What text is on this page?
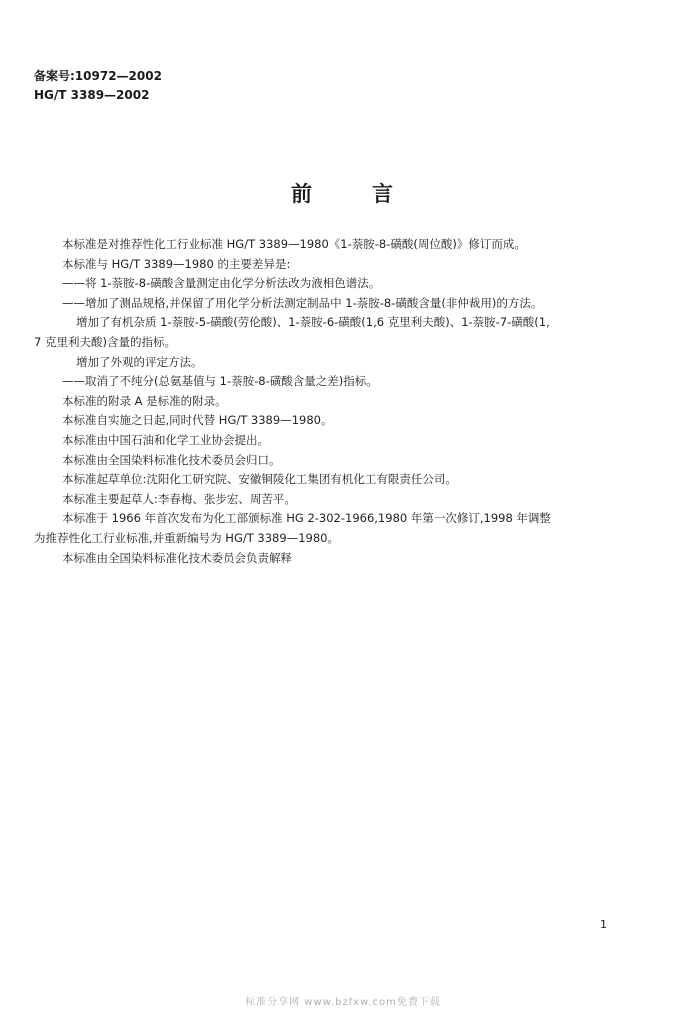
备案号:10972—2002
HG/T 3389—2002
前	言
本标准是对推荐性化工行业标准 HG/T 3389—1980《1-萘胺-8-磺酸(周位酸)》修订而成。
本标准与 HG/T 3389—1980 的主要差异是:
——将 1-萘胺-8-磺酸含量测定由化学分析法改为液相色谱法。
——增加了测品规格,并保留了用化学分析法测定制品中 1-萘胺-8-磺酸含量(非仲裁用)的方法。
增加了有机杂质 1-萘胺-5-磺酸(劳伦酸)、1-萘胺-6-磺酸(1,6 克里利夫酸)、1-萘胺-7-磺酸(1,
7 克里利夫酸)含量的指标。
增加了外观的评定方法。
——取消了不纯分(总氨基值与 1-萘胺-8-磺酸含量之差)指标。
本标准的附录 A 是标准的附录。
本标准自实施之日起,同时代替 HG/T 3389—1980。
本标准由中国石油和化学工业协会提出。
本标准由全国染料标准化技术委员会归口。
本标准起草单位:沈阳化工研究院、安徽铜陵化工集团有机化工有限责任公司。
本标准主要起草人:李春梅、张步宏、周苦平。
本标准于 1966 年首次发布为化工部颁标准 HG 2-302-1966,1980 年第一次修订,1998 年调整
为推荐性化工行业标准,并重新编号为 HG/T 3389—1980。
本标准由全国染料标准化技术委员会负责解释
1
标准分享网 www.bzfxw.com免费下载
